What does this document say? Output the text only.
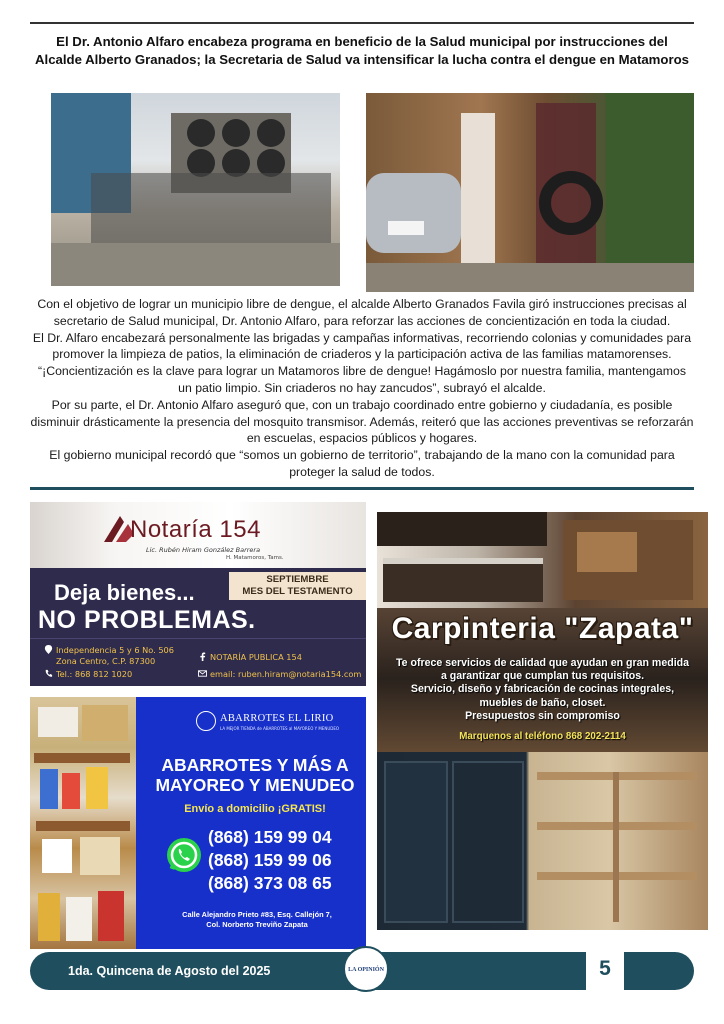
El Dr. Antonio Alfaro encabeza programa en beneficio de la Salud municipal por instrucciones del Alcalde Alberto Granados; la Secretaria de Salud va intensificar la lucha contra el dengue en Matamoros

Con el objetivo de lograr un municipio libre de dengue, el alcalde Alberto Granados Favila giró instrucciones precisas al secretario de Salud municipal, Dr. Antonio Alfaro, para reforzar las acciones de concientización en toda la ciudad.

El Dr. Alfaro encabezará personalmente las brigadas y campañas informativas, recorriendo colonias y comunidades para promover la limpieza de patios, la eliminación de criaderos y la participación activa de las familias matamorenses.

“¡Concientización es la clave para lograr un Matamoros libre de dengue! Hagámoslo por nuestra familia, mantengamos un patio limpio. Sin criaderos no hay zancudos”, subrayó el alcalde.

Por su parte, el Dr. Antonio Alfaro aseguró que, con un trabajo coordinado entre gobierno y ciudadanía, es posible disminuir drásticamente la presencia del mosquito transmisor. Además, reiteró que las acciones preventivas se reforzarán en escuelas, espacios públicos y hogares.

El gobierno municipal recordó que “somos un gobierno de territorio”, trabajando de la mano con la comunidad para proteger la salud de todos.

Notaría 154
Lic. Rubén Hiram González Barrera
H. Matamoros, Tams.
Deja bienes...
NO PROBLEMAS.
SEPTIEMBRE
MES DEL TESTAMENTO
Independencia 5 y 6 No. 506
Zona Centro, C.P. 87300
Tel.: 868 812 1020
NOTARÍA PUBLICA 154
email: ruben.hiram@notaria154.com
ABARROTES EL LIRIO
LA MEJOR TIENDA de ABARROTES al MAYOREO Y MENUDEO
ABARROTES Y MÁS A MAYOREO Y MENUDEO
Envío a domicilio ¡GRATIS!
(868) 159 99 04
(868) 159 99 06
(868) 373 08 65
Calle Alejandro Prieto #83, Esq. Callejón 7,
Col. Norberto Treviño Zapata
Carpinteria "Zapata"
Te ofrece servicios de calidad que ayudan en gran medida
a garantizar que cumplan tus requisitos.
Servicio, diseño y fabricación de cocinas integrales,
muebles de baño, closet.
Presupuestos sin compromiso
Marquenos al teléfono 868 202-2114
1da. Quincena de Agosto del 2025	LA OPINIÓN	5
